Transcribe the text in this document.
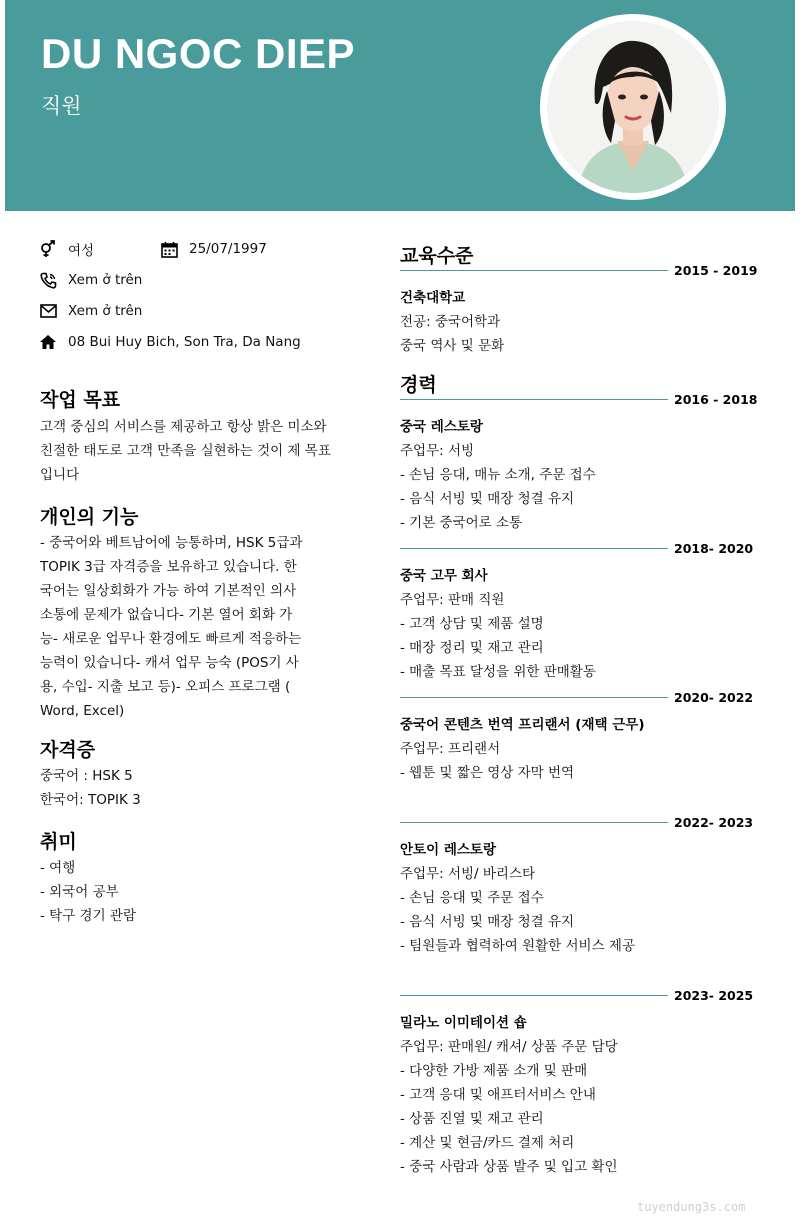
DU NGOC DIEP
직원
여성	25/07/1997
Xem ở trên
Xem ở trên
08 Bui Huy Bich, Son Tra, Da Nang
작업 목표
고객 중심의 서비스를 제공하고 항상 밝은 미소와
친절한 태도로 고객 만족을 실현하는 것이 제 목표
입니다
개인의 기능
- 중국어와 베트남어에 능통하며, HSK 5급과
TOPIK 3급 자격증을 보유하고 있습니다. 한
국어는 일상회화가 가능 하여 기본적인 의사
소통에 문제가 없습니다- 기본 열어 회화 가
능- 새로운 업무나 환경에도 빠르게 적응하는
능력이 있습니다- 캐셔 업무 능숙 (POS기 사
용, 수입- 지출 보고 등)- 오피스 프로그램 (
Word, Excel)
자격증
중국어 : HSK 5
한국어: TOPIK 3
취미
- 여행
- 외국어 공부
- 탁구 경기 관람
교육수준
2015 - 2019
건축대학교
전공: 중국어학과
중국 역사 및 문화
경력
2016 - 2018
중국 레스토랑
주업무: 서빙
- 손님 응대, 매뉴 소개, 주문 접수
- 음식 서빙 및 매장 청결 유지
- 기본 중국어로 소통
2018- 2020
중국 고무 회사
주업무: 판매 직원
- 고객 상담 및 제품 설명
- 매장 정리 및 재고 관리
- 매출 목표 달성을 위한 판매활동
2020- 2022
중국어 콘텐츠 번역 프리랜서 (재택 근무)
주업무: 프리랜서
- 웹툰 및 짧은 영상 자막 번역
2022- 2023
안토이 레스토랑
주업무: 서빙/ 바리스타
- 손님 응대 및 주문 접수
- 음식 서빙 및 매장 청결 유지
- 팀원들과 협력하여 원활한 서비스 제공
2023- 2025
밀라노 이미테이션 숍
주업무: 판매원/ 캐셔/ 상품 주문 담당
- 다양한 가방 제품 소개 및 판매
- 고객 응대 및 애프터서비스 안내
- 상품 진열 및 재고 관리
- 계산 및 현금/카드 결제 처리
- 중국 사람과 상품 발주 및 입고 확인
tuyendung3s.com
